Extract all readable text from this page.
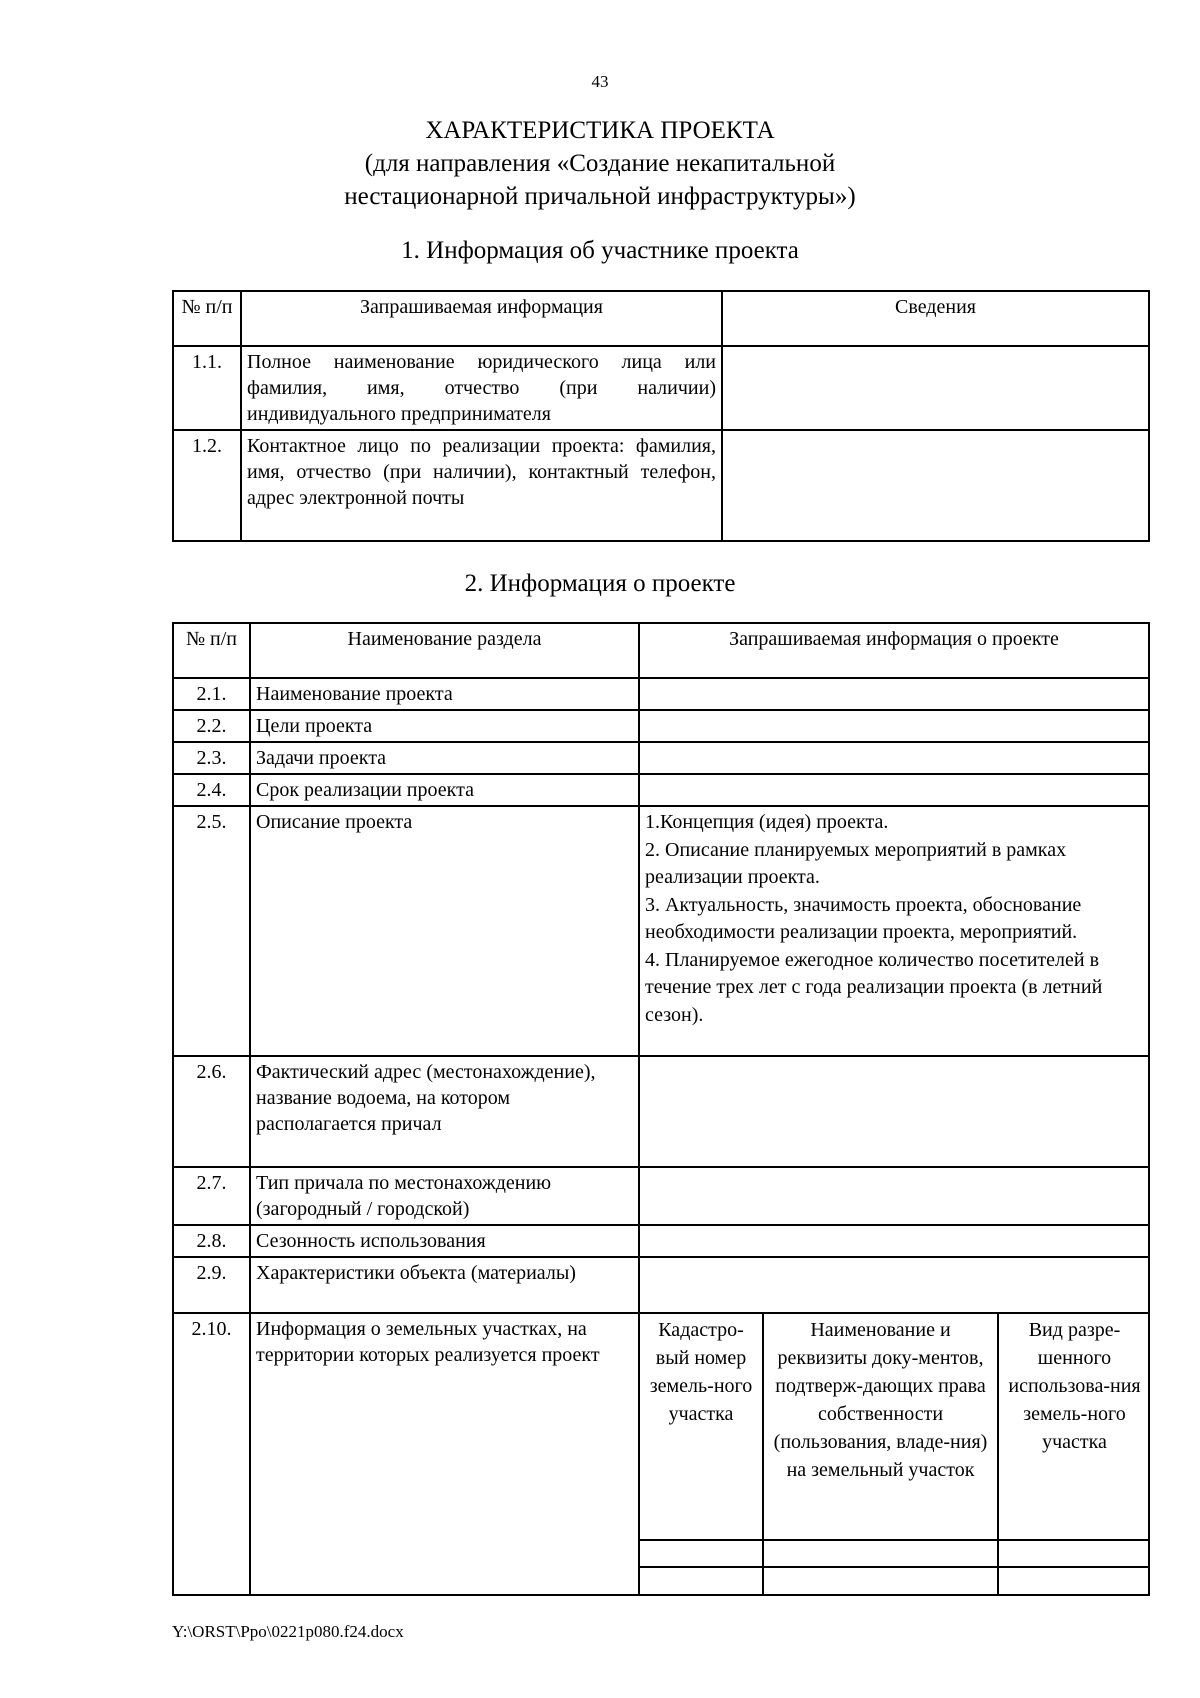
43
ХАРАКТЕРИСТИКА ПРОЕКТА
(для направления «Создание некапитальной
нестационарной причальной инфраструктуры»)
1. Информация об участнике проекта
№ п/п	Запрашиваемая информация	Сведения
1.1.	Полное наименование юридического лица или фамилия, имя, отчество (при наличии) индивидуального предпринимателя	
1.2.	Контактное лицо по реализации проекта: фамилия, имя, отчество (при наличии), контактный телефон, адрес электронной почты	
2. Информация о проекте
№ п/п	Наименование раздела	Запрашиваемая информация о проекте
2.1.	Наименование проекта	
2.2.	Цели проекта	
2.3.	Задачи проекта	
2.4.	Срок реализации проекта	
2.5.	Описание проекта	1.Концепция (идея) проекта.
2. Описание планируемых мероприятий в рамках реализации проекта.
3. Актуальность, значимость проекта, обоснование необходимости реализации проекта, мероприятий.
4. Планируемое ежегодное количество посетителей в течение трех лет с года реализации проекта (в летний сезон).

2.6.	Фактический адрес (местонахождение), название водоема, на котором располагается причал	
2.7.	Тип причала по местонахождению (загородный / городской)	
2.8.	Сезонность использования	
2.9.	Характеристики объекта (материалы)	
2.10.	Информация о земельных участках, на территории которых реализуется проект	
Кадастро-вый номер земель-ного участка	Наименование и реквизиты доку-ментов, подтверж-дающих права собственности (пользования, владе-ния) на земельный участок	Вид разре-шенного использова-ния земель-ного участка

Y:\ORST\Ppo\0221p080.f24.docx
